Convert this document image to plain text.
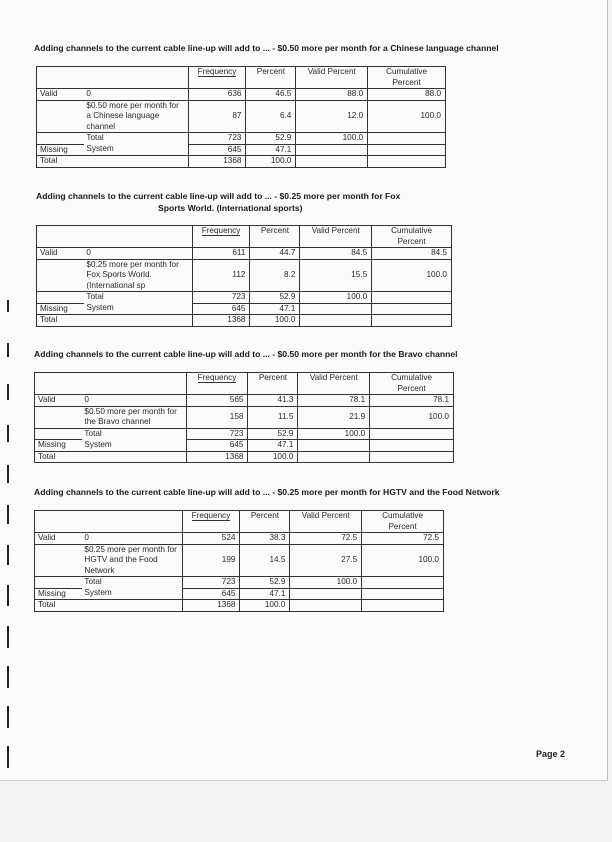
Adding channels to the current cable line-up will add to ... - $0.50 more per month for a Chinese language channel
		Frequency	Percent	Valid Percent	Cumulative
Percent
Valid	0	636	46.5	88.0	88.0
	$0.50 more per month for a Chinese language channel	87	6.4	12.0	100.0
	Total	723	52.9	100.0	
Missing	System	645	47.1		
Total		1368	100.0		
Adding channels to the current cable line-up will add to ... - $0.25 more per month for Fox
Sports World. (International sports)
		Frequency	Percent	Valid Percent	Cumulative
Percent
Valid	0	611	44.7	84.5	84.5
	$0.25 more per month for Fox Sports World. (International sp	112	8.2	15.5	100.0
	Total	723	52.9	100.0	
Missing	System	645	47.1		
Total		1368	100.0		
Adding channels to the current cable line-up will add to ... - $0.50 more per month for the Bravo channel
		Frequency	Percent	Valid Percent	Cumulative
Percent
Valid	0	565	41.3	78.1	78.1
	$0.50 more per month for the Bravo channel	158	11.5	21.9	100.0
	Total	723	52.9	100.0	
Missing	System	645	47.1		
Total		1368	100.0		
Adding channels to the current cable line-up will add to ... - $0.25 more per month for HGTV and the Food Network
		Frequency	Percent	Valid Percent	Cumulative
Percent
Valid	0	524	38.3	72.5	72.5
	$0.25 more per month for HGTV and the Food Network	199	14.5	27.5	100.0
	Total	723	52.9	100.0	
Missing	System	645	47.1		
Total		1368	100.0		
Page 2
